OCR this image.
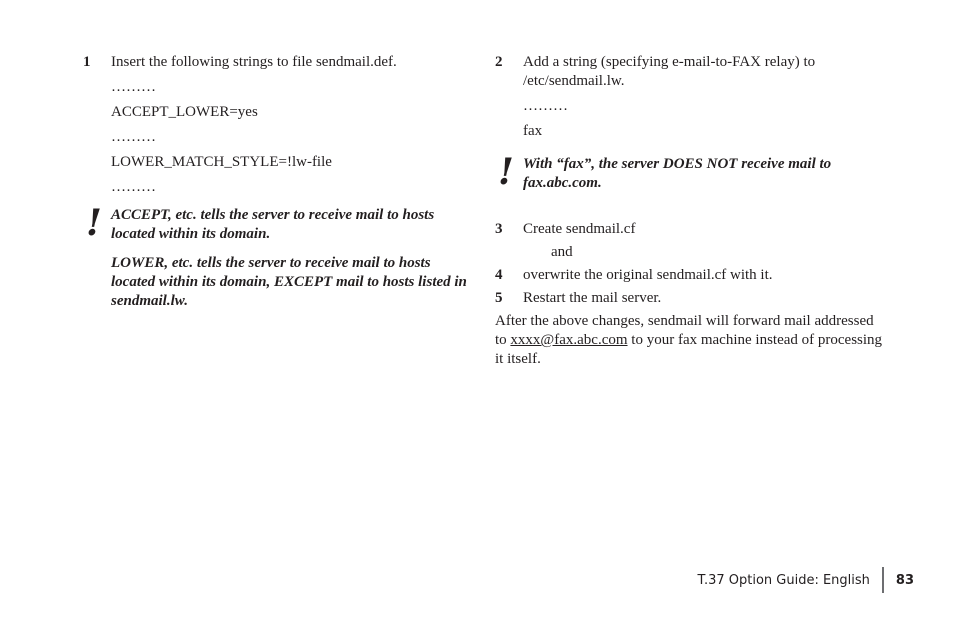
1 Insert the following strings to file sendmail.def.
………
ACCEPT_LOWER=yes
………
LOWER_MATCH_STYLE=!lw-file
………
! ACCEPT, etc. tells the server to receive mail to hosts located within its domain.

LOWER, etc. tells the server to receive mail to hosts located within its domain, EXCEPT mail to hosts listed in sendmail.lw.

2 Add a string (specifying e-mail-to-FAX relay) to /etc/sendmail.lw.
………
fax
! With “fax”, the server DOES NOT receive mail to fax.abc.com.

3 Create sendmail.cf
and
4 overwrite the original sendmail.cf with it.
5 Restart the mail server.
After the above changes, sendmail will forward mail addressed to xxxx@fax.abc.com to your fax machine instead of processing it itself.
T.37 Option Guide: English 83
